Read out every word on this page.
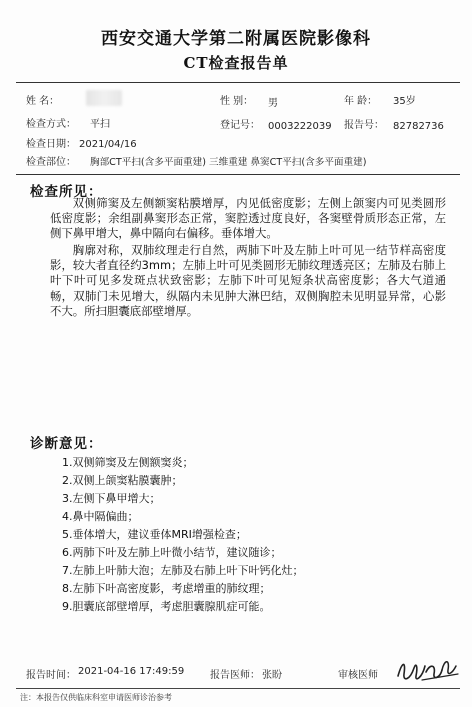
西安交通大学第二附属医院影像科
CT检查报告单
姓 名：	性 别： 男	年 龄： 35岁
检查方式： 平扫	登记号： 0003222039 报告号： 82782736
检查日期： 2021/04/16
检查部位： 胸部CT平扫(含多平面重建) 三维重建 鼻窦CT平扫(含多平面重建)
检查所见：

双侧筛窦及左侧额窦粘膜增厚，内见低密度影；左侧上颌窦内可见类圆形低密度影；余组副鼻窦形态正常，窦腔透过度良好，各窦壁骨质形态正常，左侧下鼻甲增大，鼻中隔向右偏移。垂体增大。

胸廓对称，双肺纹理走行自然，两肺下叶及左肺上叶可见一结节样高密度影，较大者直径约3mm；左肺上叶可见类圆形无肺纹理透亮区；左肺及右肺上叶下叶可见多发斑点状致密影；左肺下叶可见短条状高密度影；各大气道通畅，双肺门未见增大，纵隔内未见肿大淋巴结，双侧胸腔未见明显异常，心影不大。所扫胆囊底部壁增厚。

诊断意见：
1.双侧筛窦及左侧额窦炎；
2.双侧上颌窦粘膜囊肿；
3.左侧下鼻甲增大；
4.鼻中隔偏曲；
5.垂体增大，建议垂体MRI增强检查；
6.两肺下叶及左肺上叶微小结节，建议随诊；
7.左肺上叶肺大泡；左肺及右肺上叶下叶钙化灶；
8.左肺下叶高密度影，考虑增重的肺纹理；
9.胆囊底部壁增厚，考虑胆囊腺肌症可能。
报告时间： 2021-04-16 17:49:59	报告医师： 张盼	审核医师
注：本报告仅供临床科室申请医师诊治参考
